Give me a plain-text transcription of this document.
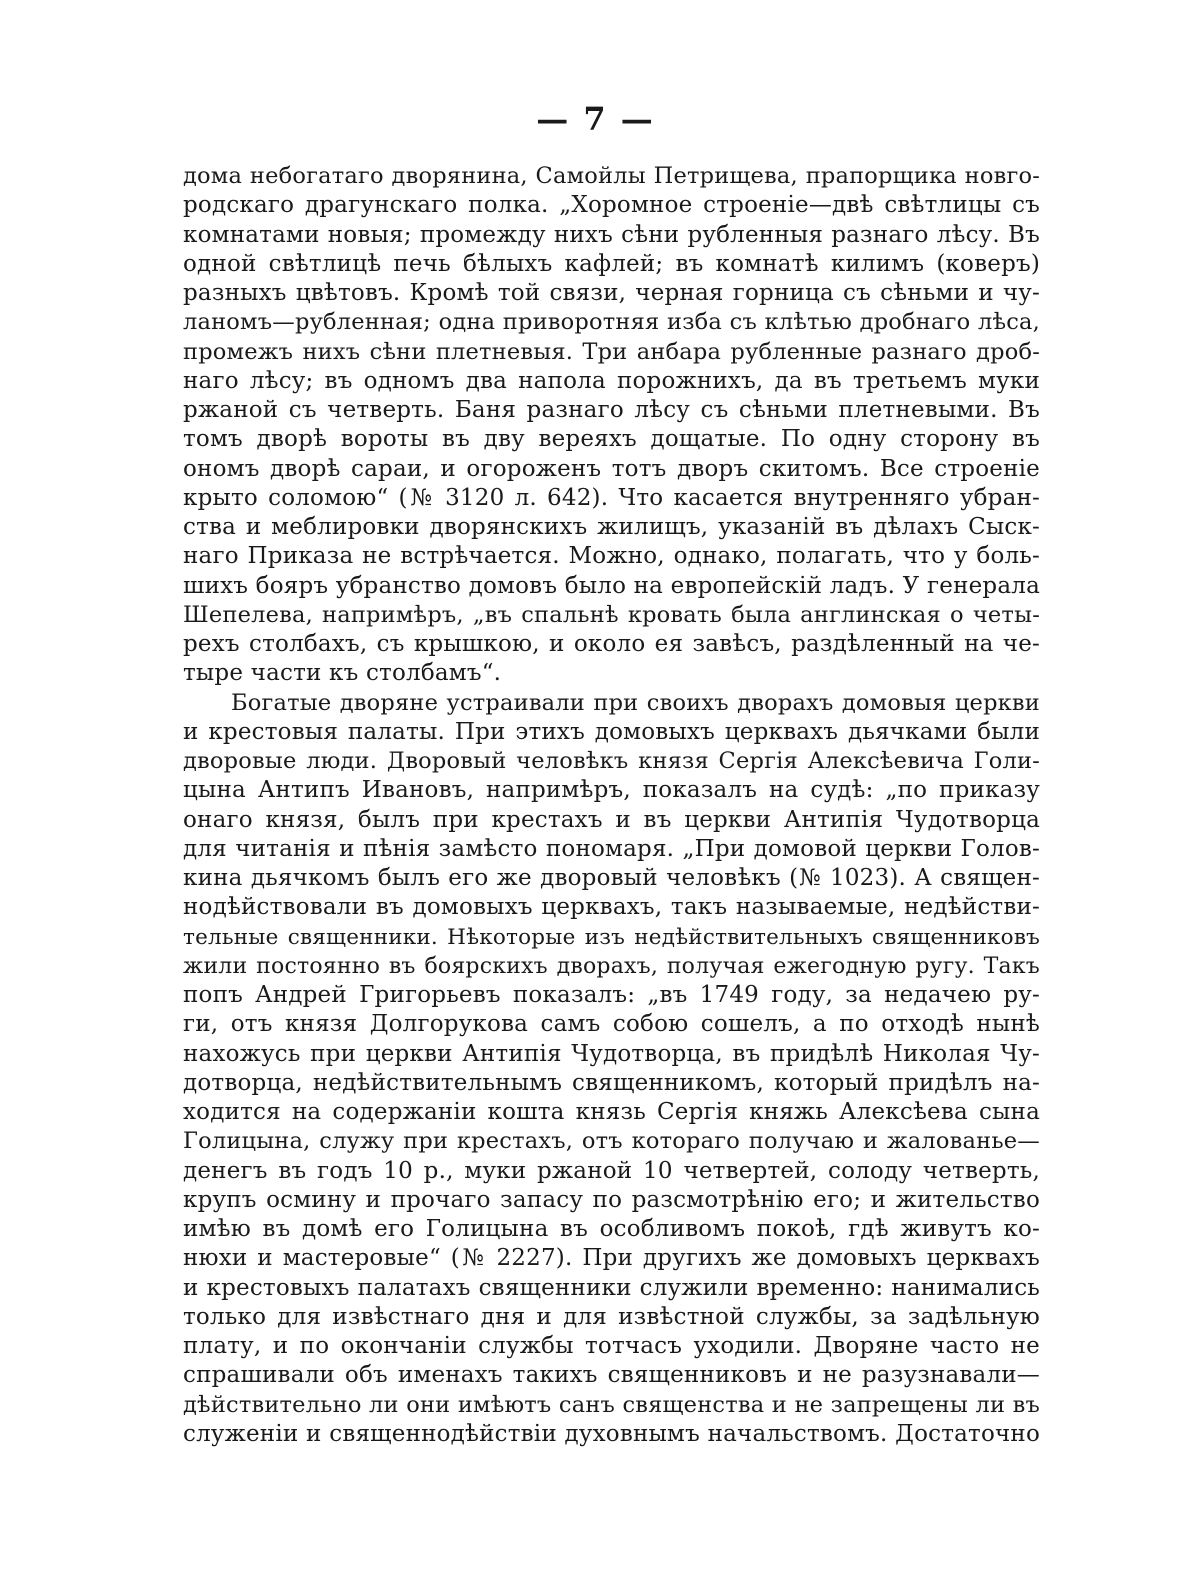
— 7 —
дома небогатаго дворянина, Самойлы Петрищева, прапорщика новго-
родскаго драгунскаго полка. „Хоромное строеніе—двѣ свѣтлицы съ
комнатами новыя; промежду нихъ сѣни рубленныя разнаго лѣсу. Въ
одной свѣтлицѣ печь бѣлыхъ кафлей; въ комнатѣ килимъ (коверъ)
разныхъ цвѣтовъ. Кромѣ той связи, черная горница съ сѣньми и чу-
ланомъ—рубленная; одна приворотняя изба съ клѣтью дробнаго лѣса,
промежъ нихъ сѣни плетневыя. Три анбара рубленные разнаго дроб-
наго лѣсу; въ одномъ два напола порожнихъ, да въ третьемъ муки
ржаной съ четверть. Баня разнаго лѣсу съ сѣньми плетневыми. Въ
томъ дворѣ вороты въ дву вереяхъ дощатые. По одну сторону въ
ономъ дворѣ сараи, и огороженъ тотъ дворъ скитомъ. Все строеніе
крыто соломою“ (№ 3120 л. 642). Что касается внутренняго убран-
ства и меблировки дворянскихъ жилищъ, указаній въ дѣлахъ Сыск-
наго Приказа не встрѣчается. Можно, однако, полагать, что у боль-
шихъ бояръ убранство домовъ было на европейскій ладъ. У генерала
Шепелева, напримѣръ, „въ спальнѣ кровать была англинская о четы-
рехъ столбахъ, съ крышкою, и около ея завѣсъ, раздѣленный на че-
тыре части къ столбамъ“.
Богатые дворяне устраивали при своихъ дворахъ домовыя церкви
и крестовыя палаты. При этихъ домовыхъ церквахъ дьячками были
дворовые люди. Дворовый человѣкъ князя Сергія Алексѣевича Голи-
цына Антипъ Ивановъ, напримѣръ, показалъ на судѣ: „по приказу
онаго князя, былъ при крестахъ и въ церкви Антипія Чудотворца
для читанія и пѣнія замѣсто пономаря. „При домовой церкви Голов-
кина дьячкомъ былъ его же дворовый человѣкъ (№ 1023). А священ-
нодѣйствовали въ домовыхъ церквахъ, такъ называемые, недѣйстви-
тельные священники. Нѣкоторые изъ недѣйствительныхъ священниковъ
жили постоянно въ боярскихъ дворахъ, получая ежегодную ругу. Такъ
попъ Андрей Григорьевъ показалъ: „въ 1749 году, за недачею ру-
ги, отъ князя Долгорукова самъ собою сошелъ, а по отходѣ нынѣ
нахожусь при церкви Антипія Чудотворца, въ придѣлѣ Николая Чу-
дотворца, недѣйствительнымъ священникомъ, который придѣлъ на-
ходится на содержаніи кошта князь Сергія княжь Алексѣева сына
Голицына, служу при крестахъ, отъ котораго получаю и жалованье—
денегъ въ годъ 10 р., муки ржаной 10 четвертей, солоду четверть,
крупъ осмину и прочаго запасу по разсмотрѣнію его; и жительство
имѣю въ домѣ его Голицына въ особливомъ покоѣ, гдѣ живутъ ко-
нюхи и мастеровые“ (№ 2227). При другихъ же домовыхъ церквахъ
и крестовыхъ палатахъ священники служили временно: нанимались
только для извѣстнаго дня и для извѣстной службы, за задѣльную
плату, и по окончаніи службы тотчасъ уходили. Дворяне часто не
спрашивали объ именахъ такихъ священниковъ и не разузнавали—
дѣйствительно ли они имѣютъ санъ священства и не запрещены ли въ
служеніи и священнодѣйствіи духовнымъ начальствомъ. Достаточно
